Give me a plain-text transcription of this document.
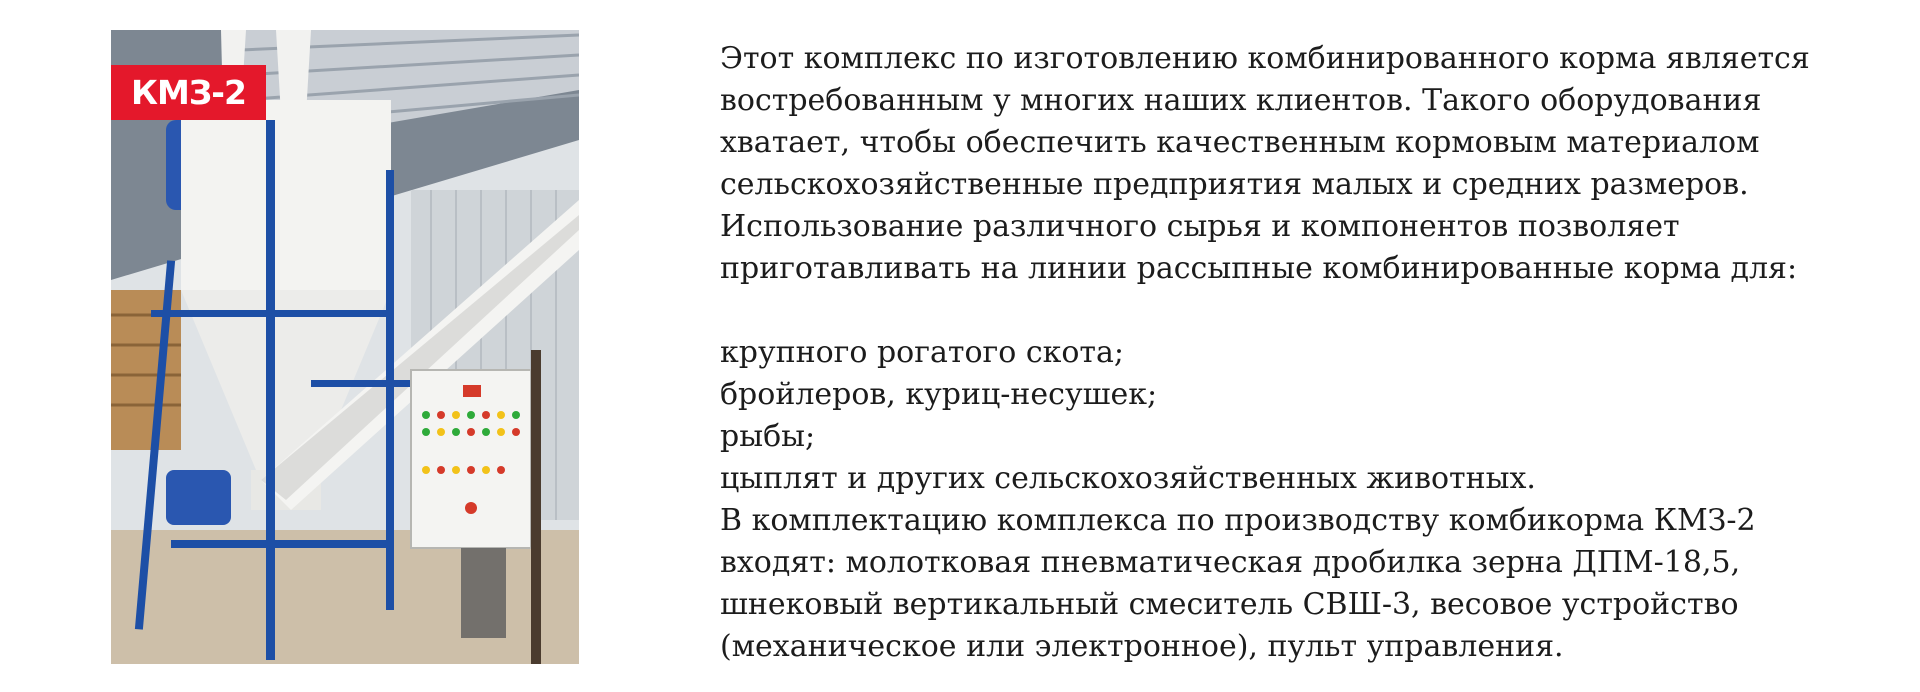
КМЗ-2

Этот комплекс по изготовлению комбинированного корма является

востребованным у многих наших клиентов. Такого оборудования

хватает, чтобы обеспечить качественным кормовым материалом

сельскохозяйственные предприятия малых и средних размеров.

Использование различного сырья и компонентов позволяет

приготавливать на линии рассыпные комбинированные корма для:

крупного рогатого скота;

бройлеров, куриц-несушек;

рыбы;

цыплят и других сельскохозяйственных животных.

В комплектацию комплекса по производству комбикорма КМЗ-2

входят: молотковая пневматическая дробилка зерна ДПМ-18,5,

шнековый вертикальный смеситель СВШ-3, весовое устройство

(механическое или электронное), пульт управления.
